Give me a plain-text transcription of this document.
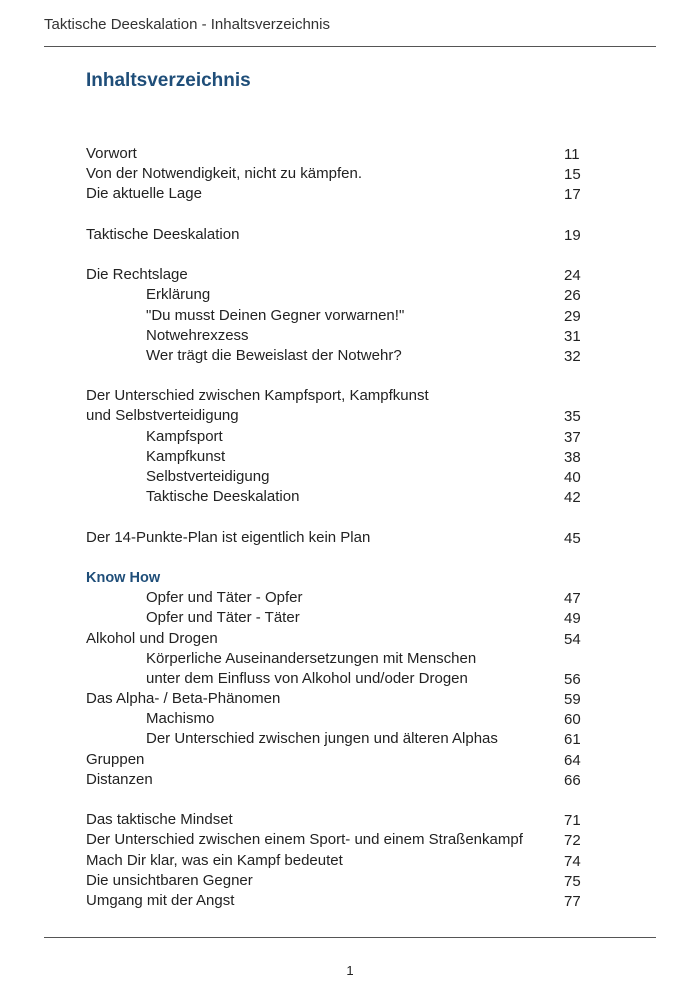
Taktische Deeskalation - Inhaltsverzeichnis
Inhaltsverzeichnis
Vorwort	11
Von der Notwendigkeit, nicht zu kämpfen.	15
Die aktuelle Lage	17
Taktische Deeskalation	19
Die Rechtslage	24
Erklärung	26
"Du musst Deinen Gegner vorwarnen!"	29
Notwehrexzess	31
Wer trägt die Beweislast der Notwehr?	32
Der Unterschied zwischen Kampfsport, Kampfkunst
und Selbstverteidigung	35
Kampfsport	37
Kampfkunst	38
Selbstverteidigung	40
Taktische Deeskalation	42
Der 14-Punkte-Plan ist eigentlich kein Plan	45
Know How
Opfer und Täter - Opfer	47
Opfer und Täter - Täter	49
Alkohol und Drogen	54
Körperliche Auseinandersetzungen mit Menschen
unter dem Einfluss von Alkohol und/oder Drogen	56
Das Alpha- / Beta-Phänomen	59
Machismo	60
Der Unterschied zwischen jungen und älteren Alphas	61
Gruppen	64
Distanzen	66
Das taktische Mindset	71
Der Unterschied zwischen einem Sport- und einem Straßenkampf	72
Mach Dir klar, was ein Kampf bedeutet	74
Die unsichtbaren Gegner	75
Umgang mit der Angst	77
1
